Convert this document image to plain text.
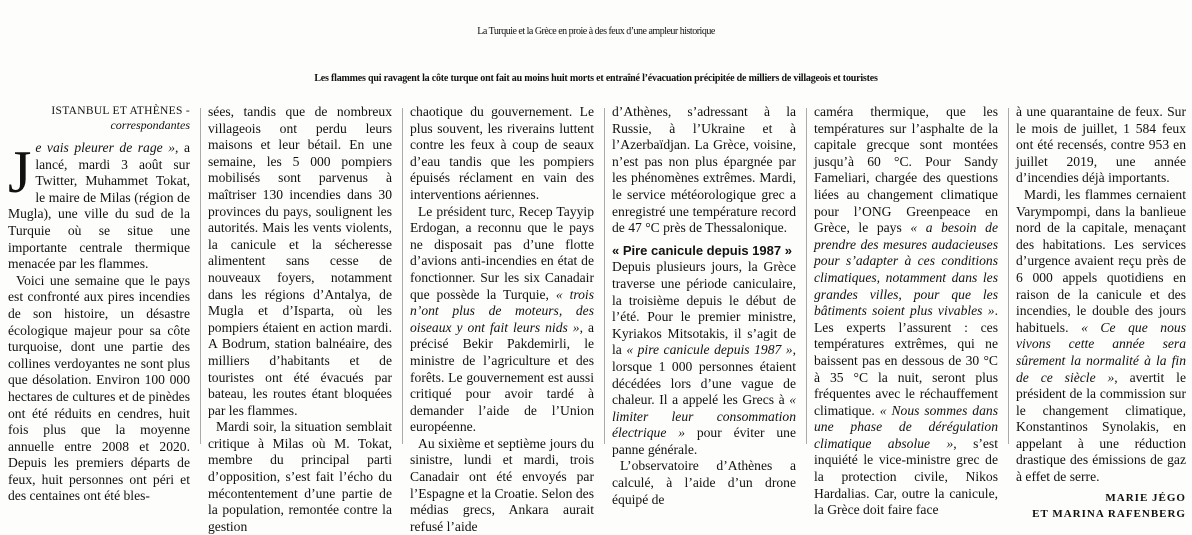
La Turquie et la Grèce en proie à des feux d’une ampleur historique
Les flammes qui ravagent la côte turque ont fait au moins huit morts et entraîné l’évacuation précipitée de milliers de villageois et touristes
ISTANBUL ET ATHÈNES -
correspondantes

Je vais pleurer de rage », a lancé, mardi 3 août sur Twitter, Muhammet Tokat, le maire de Milas (région de Mugla), une ville du sud de la Turquie où se situe une importante centrale thermique menacée par les flammes.

Voici une semaine que le pays est confronté aux pires incendies de son histoire, un désastre écologique majeur pour sa côte turquoise, dont une partie des collines verdoyantes ne sont plus que désolation. Environ 100 000 hectares de cultures et de pinèdes ont été réduits en cendres, huit fois plus que la moyenne annuelle entre 2008 et 2020. Depuis les premiers départs de feux, huit personnes ont péri et des centaines ont été bles-

sées, tandis que de nombreux villageois ont perdu leurs maisons et leur bétail. En une semaine, les 5 000 pompiers mobilisés sont parvenus à maîtriser 130 incendies dans 30 provinces du pays, soulignent les autorités. Mais les vents violents, la canicule et la sécheresse alimentent sans cesse de nouveaux foyers, notamment dans les régions d’Antalya, de Mugla et d’Isparta, où les pompiers étaient en action mardi. A Bodrum, station balnéaire, des milliers d’habitants et de touristes ont été évacués par bateau, les routes étant bloquées par les flammes.

Mardi soir, la situation semblait critique à Milas où M. Tokat, membre du principal parti d’opposition, s’est fait l’écho du mécontentement d’une partie de la population, remontée contre la gestion

chaotique du gouvernement. Le plus souvent, les riverains luttent contre les feux à coup de seaux d’eau tandis que les pompiers épuisés réclament en vain des interventions aériennes.

Le président turc, Recep Tayyip Erdogan, a reconnu que le pays ne disposait pas d’une flotte d’avions anti-incendies en état de fonctionner. Sur les six Canadair que possède la Turquie, « trois n’ont plus de moteurs, des oiseaux y ont fait leurs nids », a précisé Bekir Pakdemirli, le ministre de l’agriculture et des forêts. Le gouvernement est aussi critiqué pour avoir tardé à demander l’aide de l’Union européenne.

Au sixième et septième jours du sinistre, lundi et mardi, trois Canadair ont été envoyés par l’Espagne et la Croatie. Selon des médias grecs, Ankara aurait refusé l’aide

d’Athènes, s’adressant à la Russie, à l’Ukraine et à l’Azerbaïdjan. La Grèce, voisine, n’est pas non plus épargnée par les phénomènes extrêmes. Mardi, le service météorologique grec a enregistré une température record de 47 °C près de Thessalonique.

« Pire canicule depuis 1987 »

Depuis plusieurs jours, la Grèce traverse une période caniculaire, la troisième depuis le début de l’été. Pour le premier ministre, Kyriakos Mitsotakis, il s’agit de la « pire canicule depuis 1987 », lorsque 1 000 personnes étaient décédées lors d’une vague de chaleur. Il a appelé les Grecs à « limiter leur consommation électrique » pour éviter une panne générale.

L’observatoire d’Athènes a calculé, à l’aide d’un drone équipé de

caméra thermique, que les températures sur l’asphalte de la capitale grecque sont montées jusqu’à 60 °C. Pour Sandy Fameliari, chargée des questions liées au changement climatique pour l’ONG Greenpeace en Grèce, le pays « a besoin de prendre des mesures audacieuses pour s’adapter à ces conditions climatiques, notamment dans les grandes villes, pour que les bâtiments soient plus vivables ». Les experts l’assurent : ces températures extrêmes, qui ne baissent pas en dessous de 30 °C à 35 °C la nuit, seront plus fréquentes avec le réchauffement climatique. « Nous sommes dans une phase de dérégulation climatique absolue », s’est inquiété le vice-ministre grec de la protection civile, Nikos Hardalias. Car, outre la canicule, la Grèce doit faire face

à une quarantaine de feux. Sur le mois de juillet, 1 584 feux ont été recensés, contre 953 en juillet 2019, une année d’incendies déjà importants.

Mardi, les flammes cernaient Varympompi, dans la banlieue nord de la capitale, menaçant des habitations. Les services d’urgence avaient reçu près de 6 000 appels quotidiens en raison de la canicule et des incendies, le double des jours habituels. « Ce que nous vivons cette année sera sûrement la normalité à la fin de ce siècle », avertit le président de la commission sur le changement climatique, Konstantinos Synolakis, en appelant à une réduction drastique des émissions de gaz à effet de serre.

MARIE JÉGO
ET MARINA RAFENBERG
